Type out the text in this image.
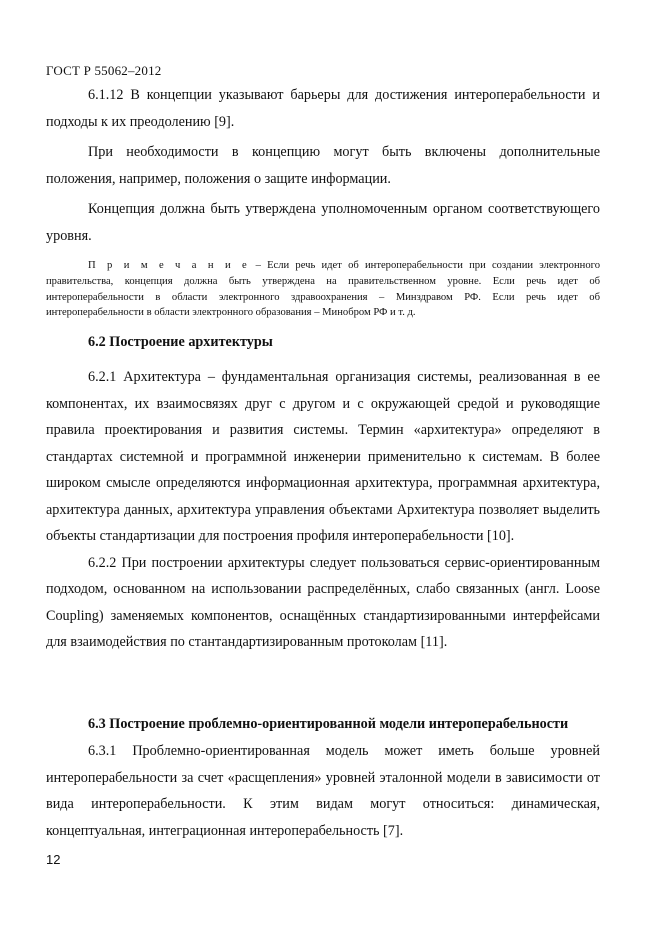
ГОСТ Р 55062–2012

6.1.12 В концепции указывают барьеры для достижения интероперабельности и подходы к их преодолению [9].

При необходимости в концепцию могут быть включены дополнительные положения, например, положения о защите информации.

Концепция должна быть утверждена уполномоченным органом соответствующего уровня.

П р и м е ч а н и е – Если речь идет об интероперабельности при создании электронного правительства, концепция должна быть утверждена на правительственном уровне. Если речь идет об интероперабельности в области электронного здравоохранения – Минздравом РФ. Если речь идет об интероперабельности в области электронного образования – Минобром РФ и т. д.

6.2 Построение архитектуры

6.2.1 Архитектура – фундаментальная организация системы, реализованная в ее компонентах, их взаимосвязях друг с другом и с окружающей средой и руководящие правила проектирования и развития системы. Термин «архитектура» определяют в стандартах системной и программной инженерии применительно к системам. В более широком смысле определяются информационная архитектура, программная архитектура, архитектура данных, архитектура управления объектами Архитектура позволяет выделить объекты стандартизации для построения профиля интероперабельности [10].

6.2.2 При построении архитектуры следует пользоваться сервис-ориентированным подходом, основанном на использовании распределённых, слабо связанных (англ. Loose Coupling) заменяемых компонентов, оснащённых стандартизированными интерфейсами для взаимодействия по стантандартизированным протоколам [11].

6.3 Построение проблемно-ориентированной модели интероперабельности

6.3.1 Проблемно-ориентированная модель может иметь больше уровней интероперабельности за счет «расщепления» уровней эталонной модели в зависимости от вида интероперабельности. К этим видам могут относиться: динамическая, концептуальная, интеграционная интероперабельность [7].

12
